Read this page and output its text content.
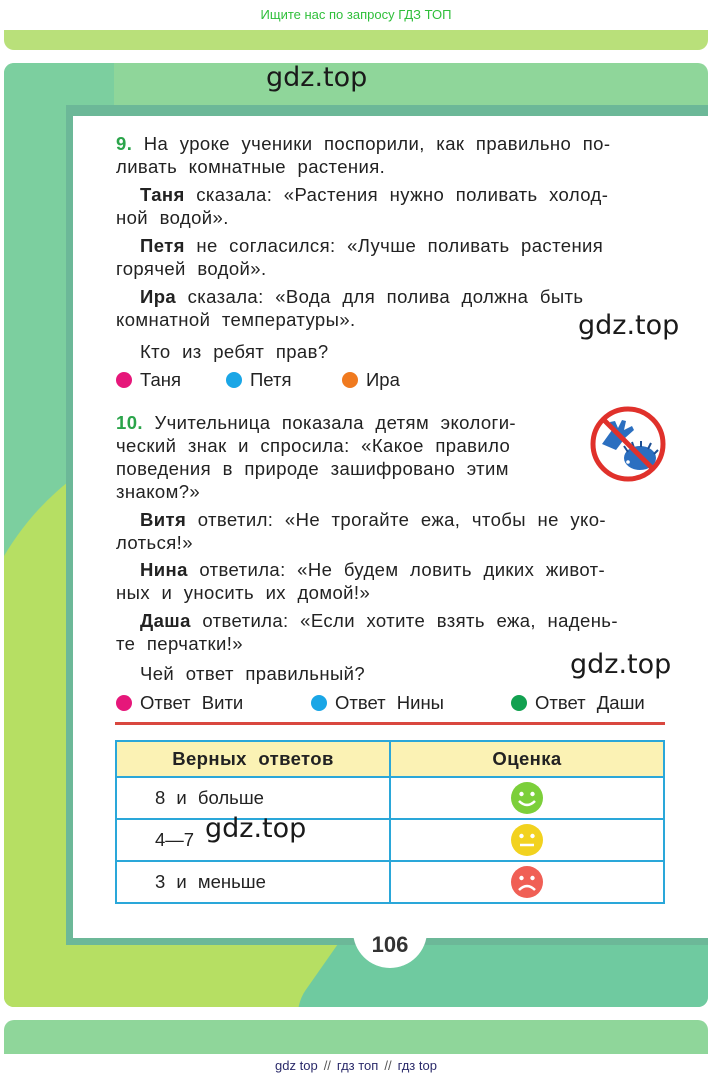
Ищите нас по запросу ГДЗ ТОП
gdz.top
9. На уроке ученики поспорили, как правильно по-
ливать комнатные растения.
Таня сказала: «Растения нужно поливать холод-
ной водой».
Петя не согласился: «Лучше поливать растения
горячей водой».
Ира сказала: «Вода для полива должна быть
комнатной температуры».	gdz.top
Кто из ребят прав?
Таня	Петя	Ира
10. Учительница показала детям экологи-
ческий знак и спросила: «Какое правило
поведения в природе зашифровано этим
знаком?»
Витя ответил: «Не трогайте ежа, чтобы не уко-
лоться!»
Нина ответила: «Не будем ловить диких живот-
ных и уносить их домой!»
Даша ответила: «Если хотите взять ежа, надень-
те перчатки!»
Чей ответ правильный?	gdz.top
Ответ Вити	Ответ Нины	Ответ Даши
Верных ответов	Оценка
8 и больше	
4—7	
3 и меньше	
gdz.top
106
gdz top // гдз топ // гдз top
